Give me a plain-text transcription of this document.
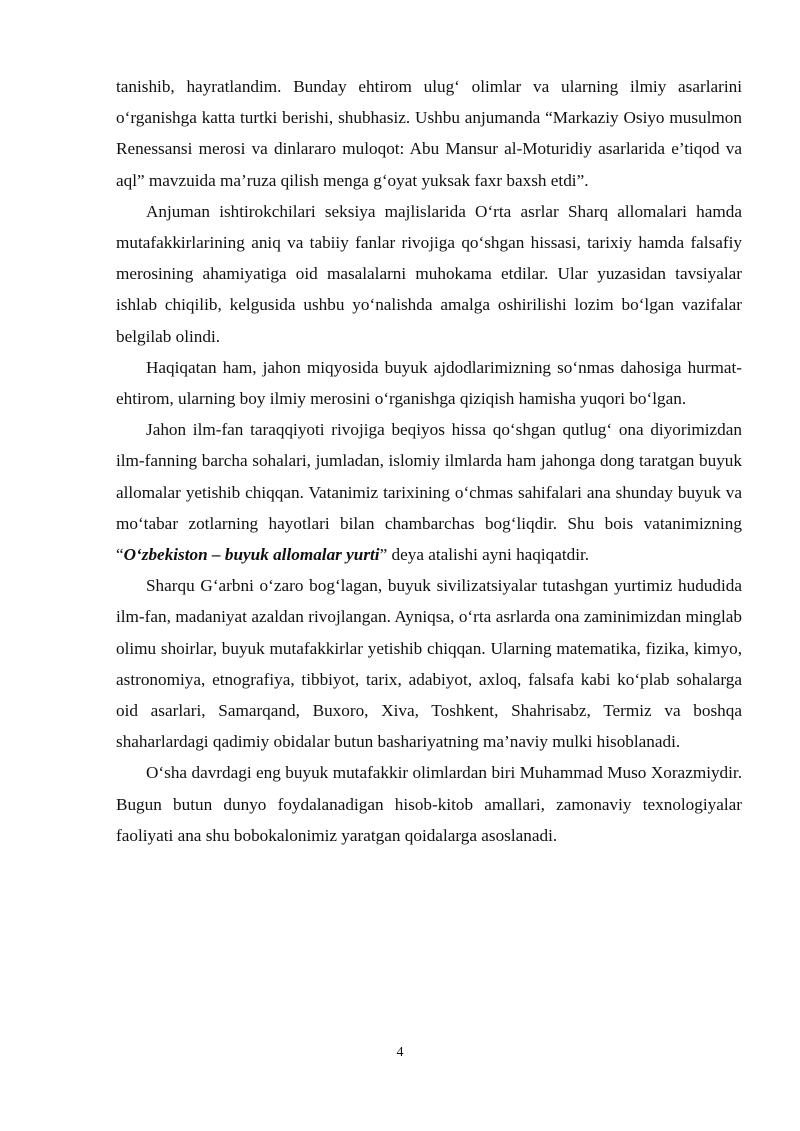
tanishib, hayratlandim. Bunday ehtirom ulug‘ olimlar va ularning ilmiy asarlarini o‘rganishga katta turtki berishi, shubhasiz. Ushbu anjumanda “Markaziy Osiyo musulmon Renessansi merosi va dinlararo muloqot: Abu Mansur al-Moturidiy asarlarida e’tiqod va aql” mavzuida ma’ruza qilish menga g‘oyat yuksak faxr baxsh etdi”.

Anjuman ishtirokchilari seksiya majlislarida O‘rta asrlar Sharq allomalari hamda mutafakkirlarining aniq va tabiiy fanlar rivojiga qo‘shgan hissasi, tarixiy hamda falsafiy merosining ahamiyatiga oid masalalarni muhokama etdilar. Ular yuzasidan tavsiyalar ishlab chiqilib, kelgusida ushbu yo‘nalishda amalga oshirilishi lozim bo‘lgan vazifalar belgilab olindi.

Haqiqatan ham, jahon miqyosida buyuk ajdodlarimizning so‘nmas dahosiga hurmat-ehtirom, ularning boy ilmiy merosini o‘rganishga qiziqish hamisha yuqori bo‘lgan.

Jahon ilm-fan taraqqiyoti rivojiga beqiyos hissa qo‘shgan qutlug‘ ona diyorimizdan ilm-fanning barcha sohalari, jumladan, islomiy ilmlarda ham jahonga dong taratgan buyuk allomalar yetishib chiqqan. Vatanimiz tarixining o‘chmas sahifalari ana shunday buyuk va mo‘tabar zotlarning hayotlari bilan chambarchas bog‘liqdir. Shu bois vatanimizning “O‘zbekiston – buyuk allomalar yurti” deya atalishi ayni haqiqatdir.

Sharqu G‘arbni o‘zaro bog‘lagan, buyuk sivilizatsiyalar tutashgan yurtimiz hududida ilm-fan, madaniyat azaldan rivojlangan. Ayniqsa, o‘rta asrlarda ona zaminimizdan minglab olimu shoirlar, buyuk mutafakkirlar yetishib chiqqan. Ularning matematika, fizika, kimyo, astronomiya, etnografiya, tibbiyot, tarix, adabiyot, axloq, falsafa kabi ko‘plab sohalarga oid asarlari, Samarqand, Buxoro, Xiva, Toshkent, Shahrisabz, Termiz va boshqa shaharlardagi qadimiy obidalar butun bashariyatning ma’naviy mulki hisoblanadi.

O‘sha davrdagi eng buyuk mutafakkir olimlardan biri Muhammad Muso Xorazmiydir. Bugun butun dunyo foydalanadigan hisob-kitob amallari, zamonaviy texnologiyalar faoliyati ana shu bobokalonimiz yaratgan qoidalarga asoslanadi.

4
